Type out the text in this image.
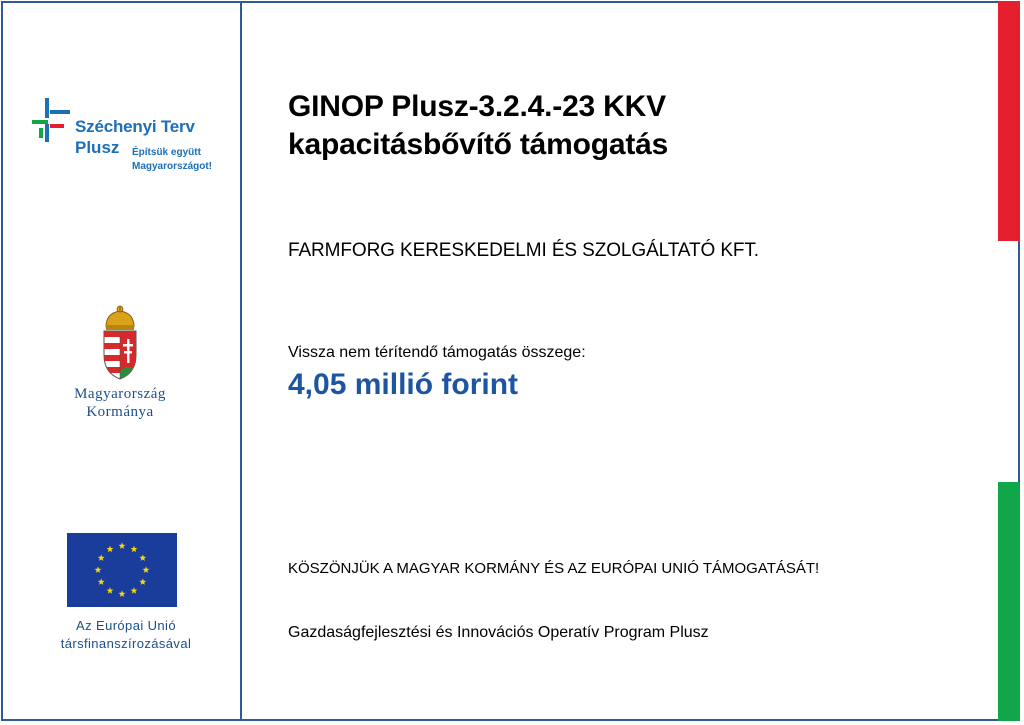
Széchenyi Terv
Plusz Építsük együtt
Magyarországot!
Magyarország
Kormánya
Az Európai Unió
társfinanszírozásával
GINOP Plusz-3.2.4.-23 KKV
kapacitásbővítő támogatás
FARMFORG KERESKEDELMI ÉS SZOLGÁLTATÓ KFT.
Vissza nem térítendő támogatás összege:
4,05 millió forint
KÖSZÖNJÜK A MAGYAR KORMÁNY ÉS AZ EURÓPAI UNIÓ TÁMOGATÁSÁT!
Gazdaságfejlesztési és Innovációs Operatív Program Plusz
